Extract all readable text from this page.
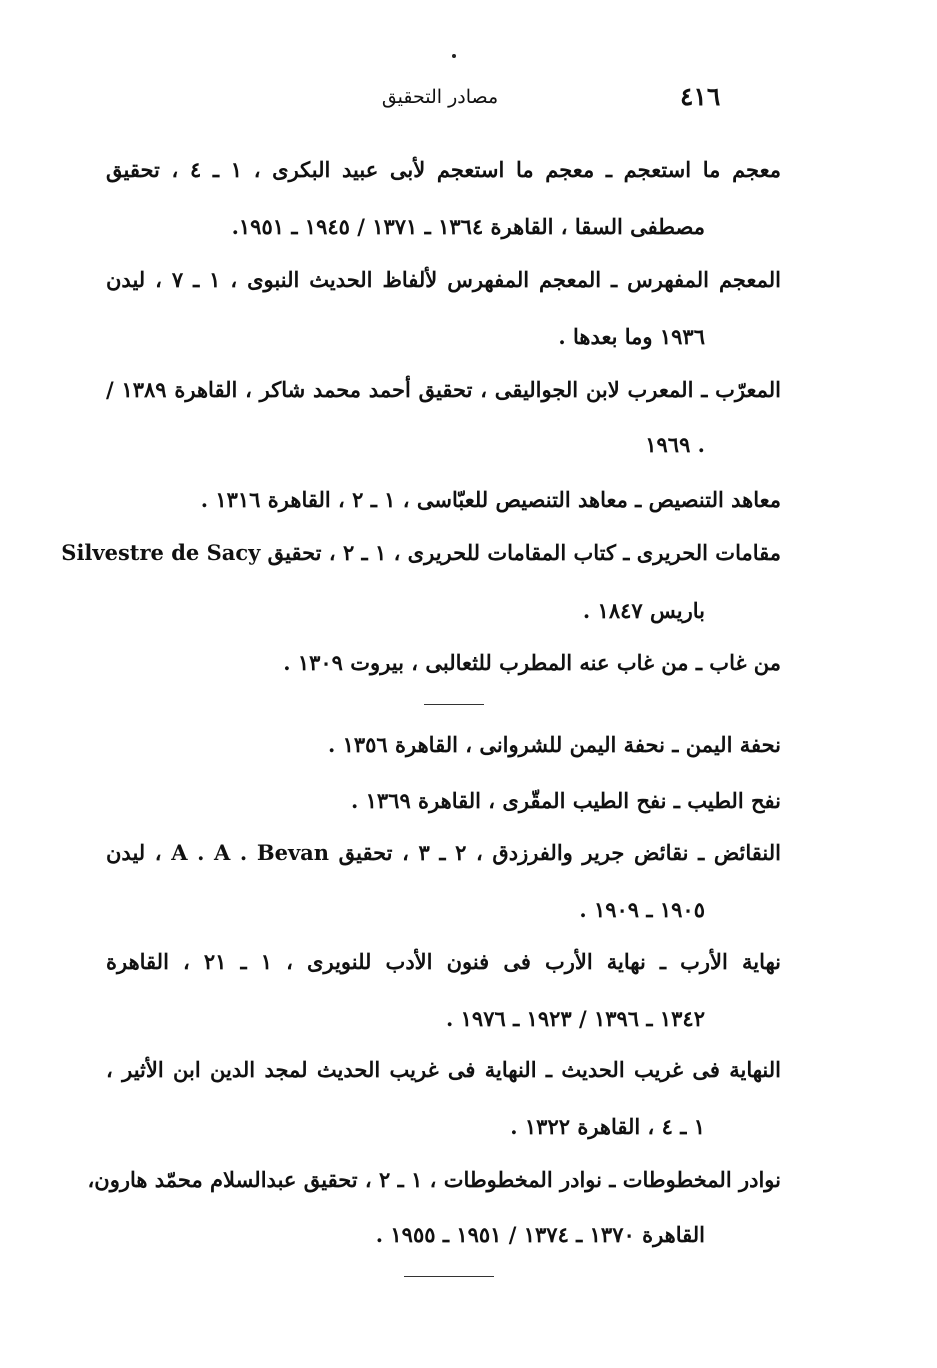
٤١٦
مصادر التحقيق
معجم ما استعجم ـ معجم ما استعجم لأبى عبيد البكرى ، ١ ـ ٤ ، تحقيق
مصطفى السقا ، القاهرة ١٣٦٤ ـ ١٣٧١ / ١٩٤٥ ـ ١٩٥١.
المعجم المفهرس ـ المعجم المفهرس لألفاظ الحديث النبوى ، ١ ـ ٧ ، ليدن
١٩٣٦ وما بعدها .
المعرّب ـ المعرب لابن الجواليقى ، تحقيق أحمد محمد شاكر ، القاهرة ١٣٨٩ /
١٩٦٩ .
معاهد التنصيص ـ معاهد التنصيص للعبّاسى ، ١ ـ ٢ ، القاهرة ١٣١٦ .
مقامات الحريرى ـ كتاب المقامات للحريرى ، ١ ـ ٢ ، تحقيق Silvestre de Sacy
باريس ١٨٤٧ .
من غاب ـ من غاب عنه المطرب للثعالبى ، بيروت ١٣٠٩ .
نحفة اليمن ـ نحفة اليمن للشروانى ، القاهرة ١٣٥٦ .
نفح الطيب ـ نفح الطيب المقّرى ، القاهرة ١٣٦٩ .
النقائض ـ نقائض جرير والفرزدق ، ٢ ـ ٣ ، تحقيق A . A . Bevan ، ليدن
١٩٠٥ ـ ١٩٠٩ .
نهاية الأرب ـ نهاية الأرب فى فنون الأدب للنويرى ، ١ ـ ٢١ ، القاهرة
١٣٤٢ ـ ١٣٩٦ / ١٩٢٣ ـ ١٩٧٦ .
النهاية فى غريب الحديث ـ النهاية فى غريب الحديث لمجد الدين ابن الأثير ،
١ ـ ٤ ، القاهرة ١٣٢٢ .
نوادر المخطوطات ـ نوادر المخطوطات ، ١ ـ ٢ ، تحقيق عبدالسلام محمّد هارون،
القاهرة ١٣٧٠ ـ ١٣٧٤ / ١٩٥١ ـ ١٩٥٥ .
